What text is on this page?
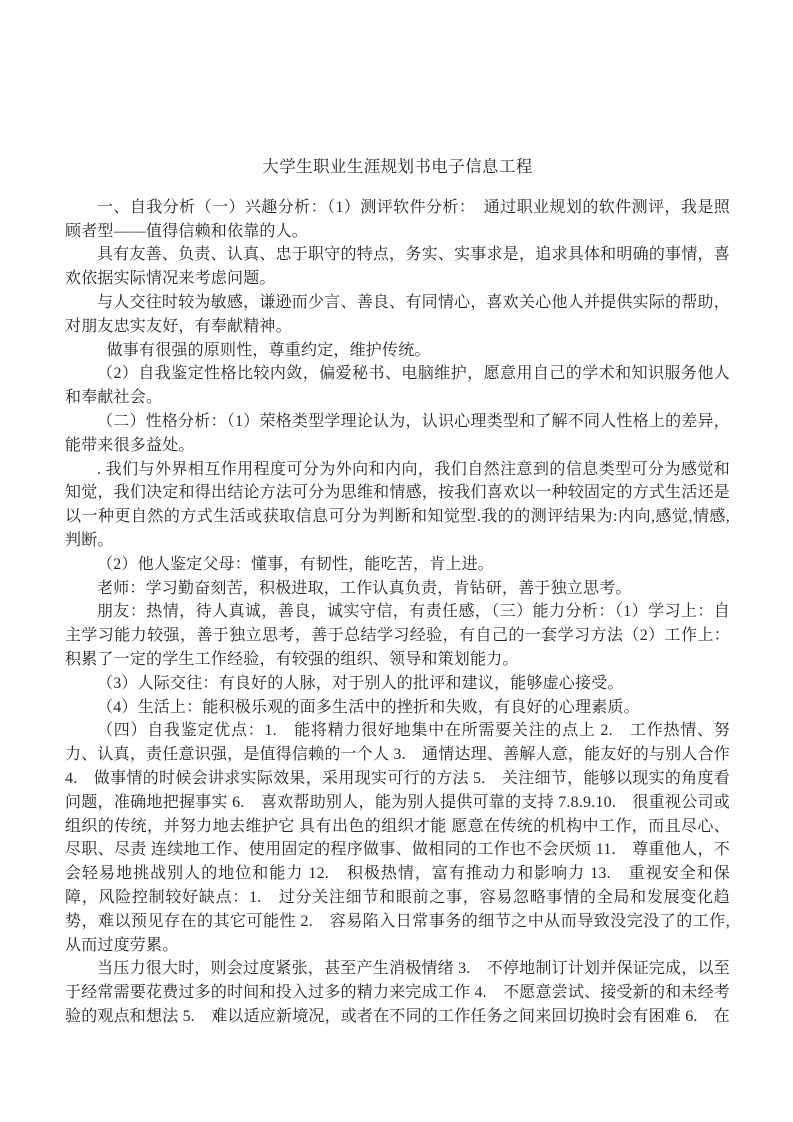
大学生职业生涯规划书电子信息工程

一、自我分析（一）兴趣分析：（1）测评软件分析：　通过职业规划的软件测评，我是照顾者型——值得信赖和依靠的人。

具有友善、负责、认真、忠于职守的特点，务实、实事求是，追求具体和明确的事情，喜欢依据实际情况来考虑问题。

与人交往时较为敏感，谦逊而少言、善良、有同情心，喜欢关心他人并提供实际的帮助，对朋友忠实友好，有奉献精神。

做事有很强的原则性，尊重约定，维护传统。

（2）自我鉴定性格比较内敛，偏爱秘书、电脑维护，愿意用自己的学术和知识服务他人和奉献社会。

（二）性格分析：（1）荣格类型学理论认为，认识心理类型和了解不同人性格上的差异，能带来很多益处。

. 我们与外界相互作用程度可分为外向和内向，我们自然注意到的信息类型可分为感觉和知觉，我们决定和得出结论方法可分为思维和情感，按我们喜欢以一种较固定的方式生活还是以一种更自然的方式生活或获取信息可分为判断和知觉型.我的的测评结果为:内向,感觉,情感,判断。

（2）他人鉴定父母：懂事，有韧性，能吃苦，肯上进。

老师：学习勤奋刻苦，积极进取，工作认真负责，肯钻研，善于独立思考。

朋友：热情，待人真诚，善良，诚实守信，有责任感，（三）能力分析：（1）学习上：自主学习能力较强，善于独立思考，善于总结学习经验，有自己的一套学习方法（2）工作上：积累了一定的学生工作经验，有较强的组织、领导和策划能力。

（3）人际交往：有良好的人脉，对于别人的批评和建议，能够虚心接受。

（4）生活上：能积极乐观的面多生活中的挫折和失败，有良好的心理素质。

（四）自我鉴定优点：1.　能将精力很好地集中在所需要关注的点上 2.　工作热情、努力、认真，责任意识强，是值得信赖的一个人 3.　通情达理、善解人意，能友好的与别人合作 4.　做事情的时候会讲求实际效果，采用现实可行的方法 5.　关注细节，能够以现实的角度看问题，准确地把握事实 6.　喜欢帮助别人，能为别人提供可靠的支持 7.8.9.10.　很重视公司或组织的传统，并努力地去维护它 具有出色的组织才能 愿意在传统的机构中工作，而且尽心、尽职、尽责 连续地工作、使用固定的程序做事、做相同的工作也不会厌烦 11.　尊重他人，不会轻易地挑战别人的地位和能力 12.　积极热情，富有推动力和影响力 13.　重视安全和保障，风险控制较好缺点：1.　过分关注细节和眼前之事，容易忽略事情的全局和发展变化趋势，难以预见存在的其它可能性 2.　容易陷入日常事务的细节之中从而导致没完没了的工作,从而过度劳累。

当压力很大时，则会过度紧张，甚至产生消极情绪 3.　不停地制订计划并保证完成，以至于经常需要花费过多的时间和投入过多的精力来完成工作 4.　不愿意尝试、接受新的和未经考验的观点和想法 5.　难以适应新境况，或者在不同的工作任务之间来回切换时会有困难 6.　在
